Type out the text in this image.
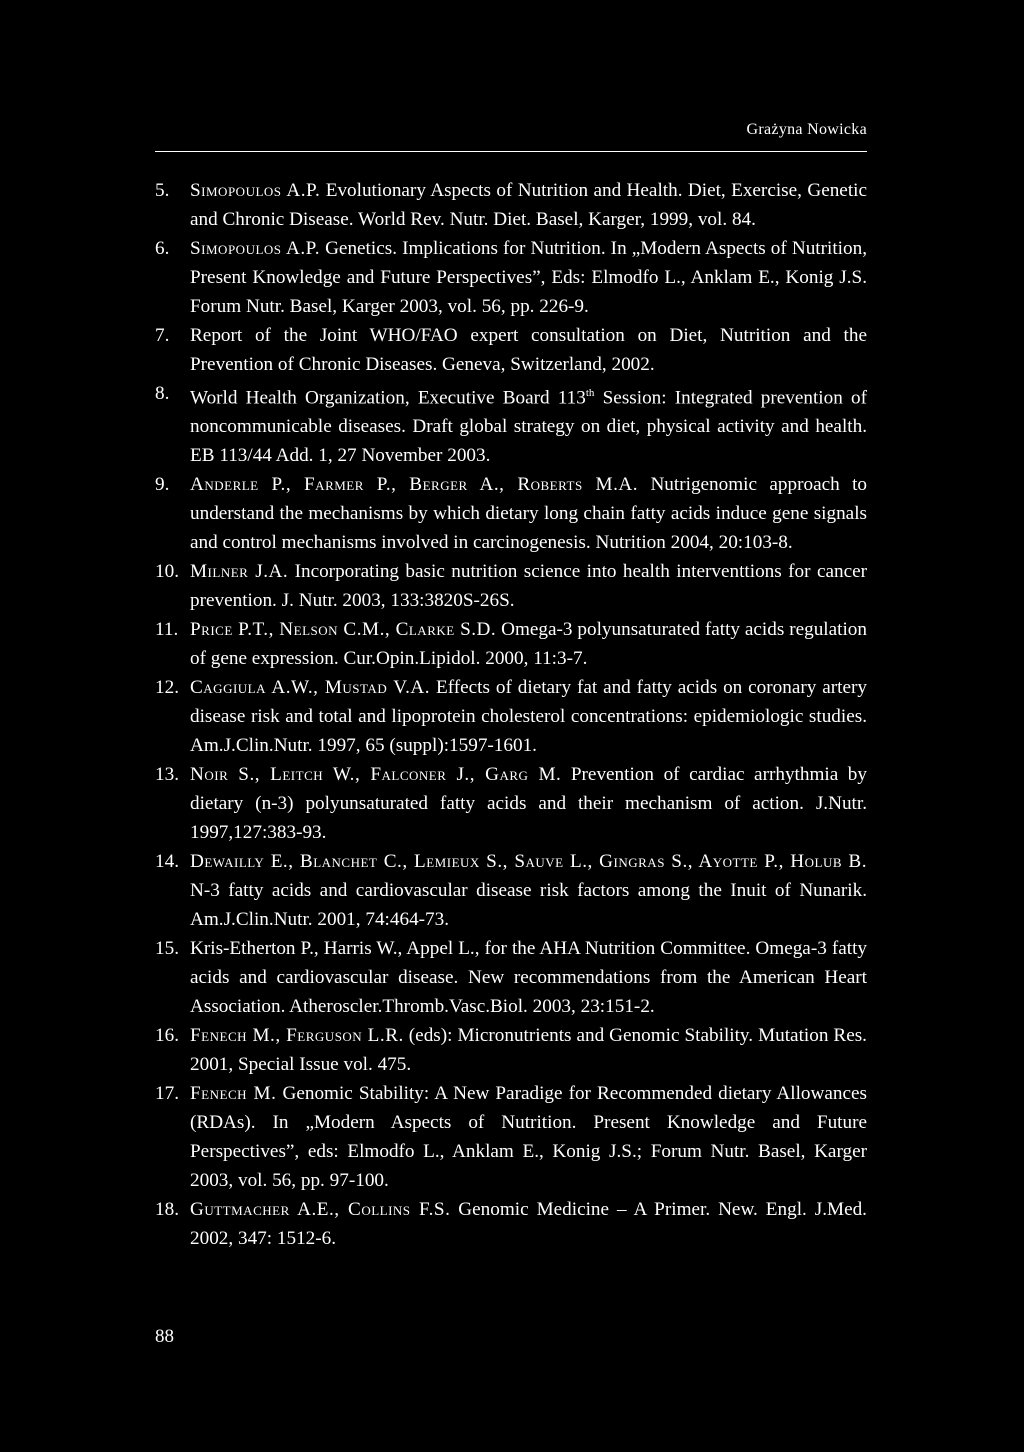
Grażyna Nowicka
5.	Simopoulos A.P. Evolutionary Aspects of Nutrition and Health. Diet, Exercise, Genetic and Chronic Disease. World Rev. Nutr. Diet. Basel, Karger, 1999, vol. 84.
6.	Simopoulos A.P. Genetics. Implications for Nutrition. In „Modern Aspects of Nutrition, Present Knowledge and Future Perspectives”, Eds: Elmodfo L., Anklam E., Konig J.S. Forum Nutr. Basel, Karger 2003, vol. 56, pp. 226-9.
7.	Report of the Joint WHO/FAO expert consultation on Diet, Nutrition and the Prevention of Chronic Diseases. Geneva, Switzerland, 2002.
8.	World Health Organization, Executive Board 113th Session: Integrated prevention of noncommunicable diseases. Draft global strategy on diet, physical activity and health. EB 113/44 Add. 1, 27 November 2003.
9.	Anderle P., Farmer P., Berger A., Roberts M.A. Nutrigenomic approach to understand the mechanisms by which dietary long chain fatty acids induce gene signals and control mechanisms involved in carcinogenesis. Nutrition 2004, 20:103-8.
10. Milner J.A. Incorporating basic nutrition science into health interventtions for cancer prevention. J. Nutr. 2003, 133:3820S-26S.
11. Price P.T., Nelson C.M., Clarke S.D. Omega-3 polyunsaturated fatty acids regulation of gene expression. Cur.Opin.Lipidol. 2000, 11:3-7.
12. Caggiula A.W., Mustad V.A. Effects of dietary fat and fatty acids on coronary artery disease risk and total and lipoprotein cholesterol concentrations: epidemiologic studies. Am.J.Clin.Nutr. 1997, 65 (suppl):1597-1601.
13. Noir S., Leitch W., Falconer J., Garg M. Prevention of cardiac arrhythmia by dietary (n-3) polyunsaturated fatty acids and their mechanism of action. J.Nutr. 1997,127:383-93.
14. Dewailly E., Blanchet C., Lemieux S., Sauve L., Gingras S., Ayotte P., Holub B. N-3 fatty acids and cardiovascular disease risk factors among the Inuit of Nunarik. Am.J.Clin.Nutr. 2001, 74:464-73.
15. Kris-Etherton P., Harris W., Appel L., for the AHA Nutrition Committee. Omega-3 fatty acids and cardiovascular disease. New recommendations from the American Heart Association. Atheroscler.Thromb.Vasc.Biol. 2003, 23:151-2.
16. Fenech M., Ferguson L.R. (eds): Micronutrients and Genomic Stability. Mutation Res. 2001, Special Issue vol. 475.
17. Fenech M. Genomic Stability: A New Paradige for Recommended dietary Allowances (RDAs). In „Modern Aspects of Nutrition. Present Knowledge and Future Perspectives”, eds: Elmodfo L., Anklam E., Konig J.S.; Forum Nutr. Basel, Karger 2003, vol. 56, pp. 97-100.
18. Guttmacher A.E., Collins F.S. Genomic Medicine – A Primer. New. Engl. J.Med. 2002, 347: 1512-6.
88
